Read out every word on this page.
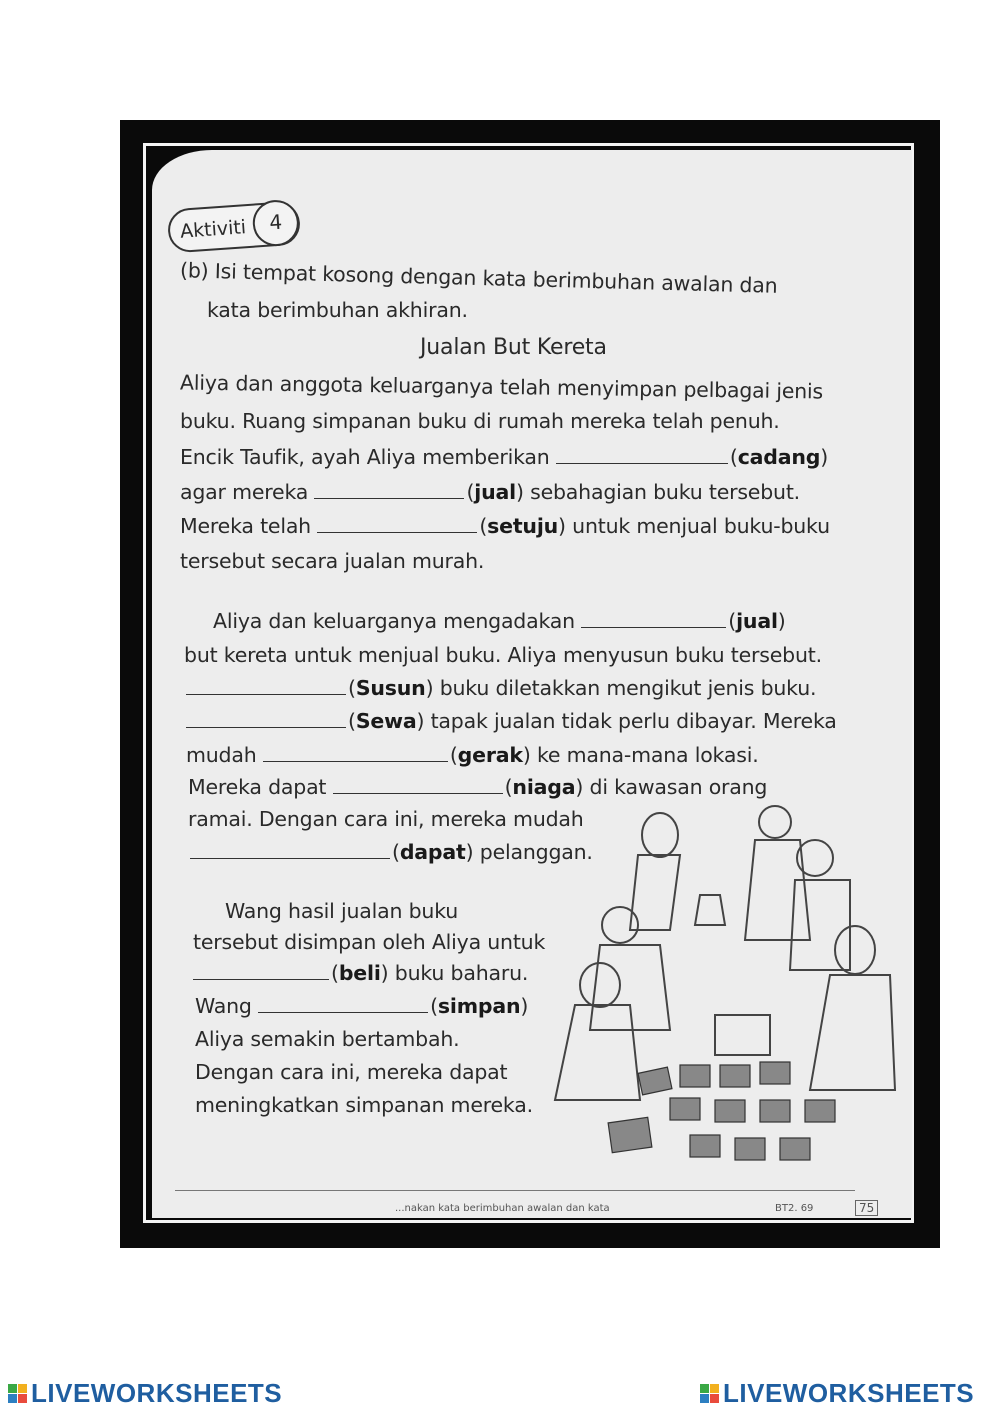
Aktiviti	4
(b) Isi tempat kosong dengan kata berimbuhan awalan dan
kata berimbuhan akhiran.
Jualan But Kereta
Aliya dan anggota keluarganya telah menyimpan pelbagai jenis
buku. Ruang simpanan buku di rumah mereka telah penuh.
Encik Taufik, ayah Aliya memberikan	(cadang)
agar mereka	(jual) sebahagian buku tersebut.
Mereka telah	(setuju) untuk menjual buku-buku
tersebut secara jualan murah.
Aliya dan keluarganya mengadakan	(jual)
but kereta untuk menjual buku. Aliya menyusun buku tersebut.
(Susun) buku diletakkan mengikut jenis buku.
(Sewa) tapak jualan tidak perlu dibayar. Mereka
mudah	(gerak) ke mana-mana lokasi.
Mereka dapat	(niaga) di kawasan orang
ramai. Dengan cara ini, mereka mudah
(dapat) pelanggan.
Wang hasil jualan buku
tersebut disimpan oleh Aliya untuk
(beli) buku baharu.
Wang	(simpan)
Aliya semakin bertambah.
Dengan cara ini, mereka dapat
meningkatkan simpanan mereka.
...nakan kata berimbuhan awalan dan kata	BT2. 69	75
LIVEWORKSHEETS	LIVEWORKSHEETS
